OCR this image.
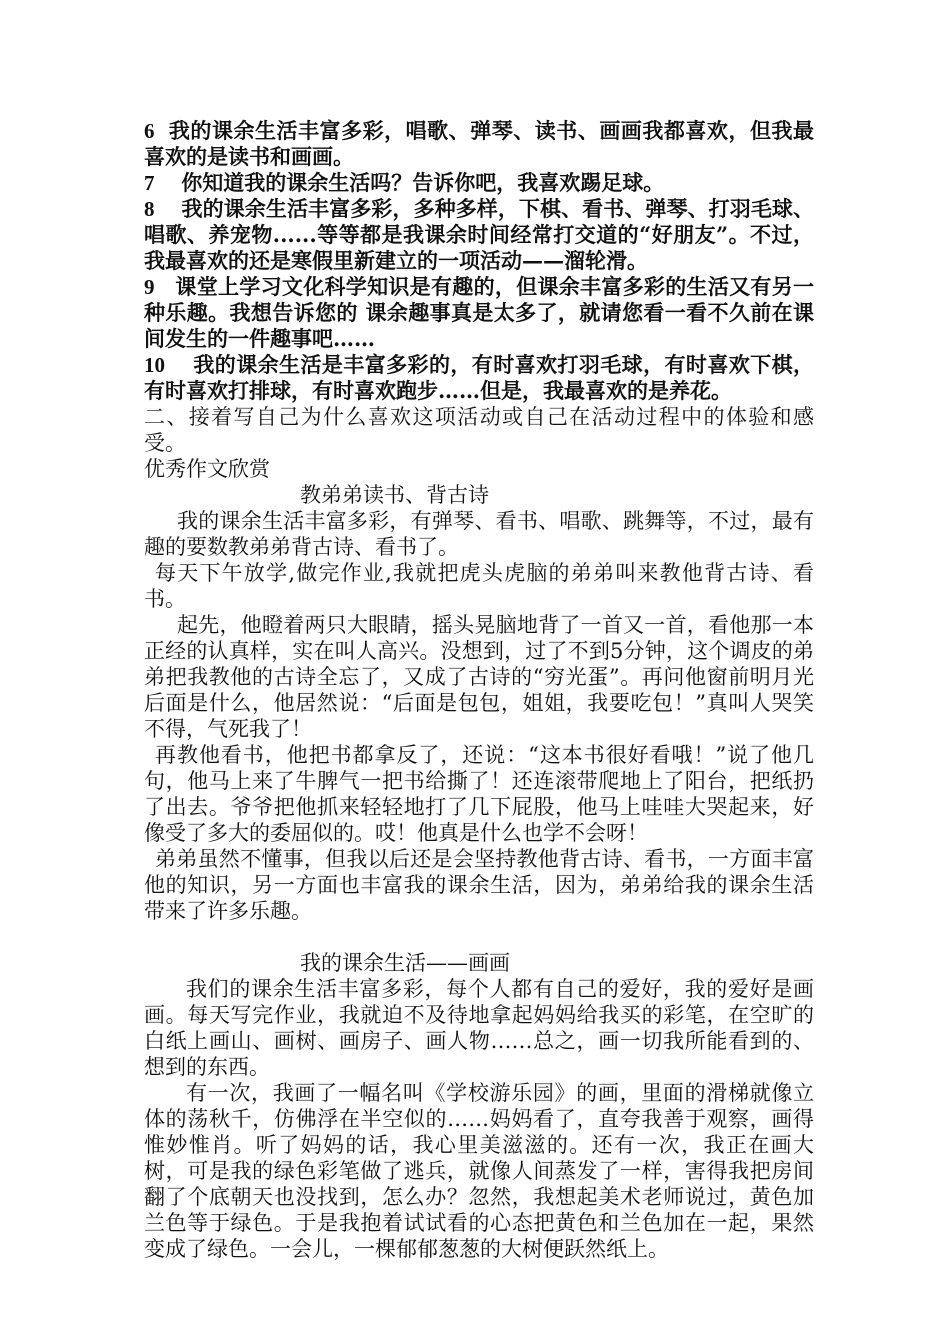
6 我的课余生活丰富多彩，唱歌、弹琴、读书、画画我都喜欢，但我最喜欢的是读书和画画。

7 你知道我的课余生活吗？告诉你吧，我喜欢踢足球。

8 我的课余生活丰富多彩，多种多样，下棋、看书、弹琴、打羽毛球、唱歌、养宠物......等等都是我课余时间经常打交道的“好朋友”。不过，我最喜欢的还是寒假里新建立的一项活动——溜轮滑。

9 课堂上学习文化科学知识是有趣的，但课余丰富多彩的生活又有另一种乐趣。我想告诉您的 课余趣事真是太多了，就请您看一看不久前在课间发生的一件趣事吧……

10 我的课余生活是丰富多彩的，有时喜欢打羽毛球，有时喜欢下棋，有时喜欢打排球，有时喜欢跑步……但是，我最喜欢的是养花。

二、接着写自己为什么喜欢这项活动或自己在活动过程中的体验和感受。

优秀作文欣赏

教弟弟读书、背古诗

我的课余生活丰富多彩，有弹琴、看书、唱歌、跳舞等，不过，最有趣的要数教弟弟背古诗、看书了。

每天下午放学,做完作业,我就把虎头虎脑的弟弟叫来教他背古诗、看书。

起先，他瞪着两只大眼睛，摇头晃脑地背了一首又一首，看他那一本正经的认真样，实在叫人高兴。没想到，过了不到5分钟，这个调皮的弟弟把我教他的古诗全忘了，又成了古诗的“穷光蛋”。再问他窗前明月光后面是什么，他居然说：“后面是包包，姐姐，我要吃包！”真叫人哭笑不得，气死我了！

再教他看书，他把书都拿反了，还说：“这本书很好看哦！”说了他几句，他马上来了牛脾气一把书给撕了！还连滚带爬地上了阳台，把纸扔了出去。爷爷把他抓来轻轻地打了几下屁股，他马上哇哇大哭起来，好像受了多大的委屈似的。哎！他真是什么也学不会呀！

弟弟虽然不懂事，但我以后还是会坚持教他背古诗、看书，一方面丰富他的知识，另一方面也丰富我的课余生活，因为，弟弟给我的课余生活带来了许多乐趣。

我的课余生活——画画

我们的课余生活丰富多彩，每个人都有自己的爱好，我的爱好是画画。每天写完作业，我就迫不及待地拿起妈妈给我买的彩笔，在空旷的白纸上画山、画树、画房子、画人物……总之，画一切我所能看到的、想到的东西。

有一次，我画了一幅名叫《学校游乐园》的画，里面的滑梯就像立体的荡秋千，仿佛浮在半空似的……妈妈看了，直夸我善于观察，画得惟妙惟肖。听了妈妈的话，我心里美滋滋的。还有一次，我正在画大树，可是我的绿色彩笔做了逃兵，就像人间蒸发了一样，害得我把房间翻了个底朝天也没找到，怎么办？忽然，我想起美术老师说过，黄色加兰色等于绿色。于是我抱着试试看的心态把黄色和兰色加在一起，果然变成了绿色。一会儿，一棵郁郁葱葱的大树便跃然纸上。
